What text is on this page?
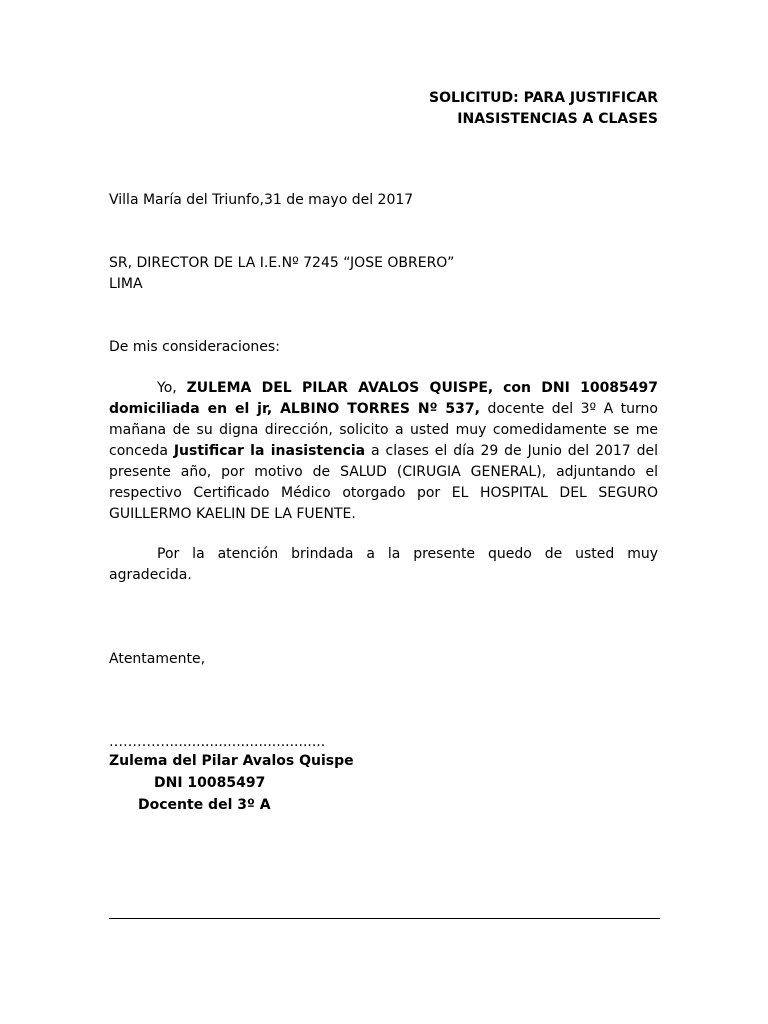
SOLICITUD: PARA JUSTIFICAR
INASISTENCIAS A CLASES
Villa María del Triunfo,31 de mayo del 2017
SR, DIRECTOR DE LA I.E.Nº 7245 “JOSE OBRERO”
LIMA
De mis consideraciones:
Yo, ZULEMA DEL PILAR AVALOS QUISPE, con DNI 10085497 domiciliada en el jr, ALBINO TORRES Nº 537, docente del 3º A turno mañana de su digna dirección, solicito a usted muy comedidamente se me conceda Justificar la inasistencia a clases el día 29 de Junio del 2017 del presente año, por motivo de SALUD (CIRUGIA GENERAL), adjuntando el respectivo Certificado Médico otorgado por EL HOSPITAL DEL SEGURO GUILLERMO KAELIN DE LA FUENTE.
Por la atención brindada a la presente quedo de usted muy agradecida.
Atentamente,
…………....................................
Zulema del Pilar Avalos Quispe
DNI 10085497
Docente del 3º A
